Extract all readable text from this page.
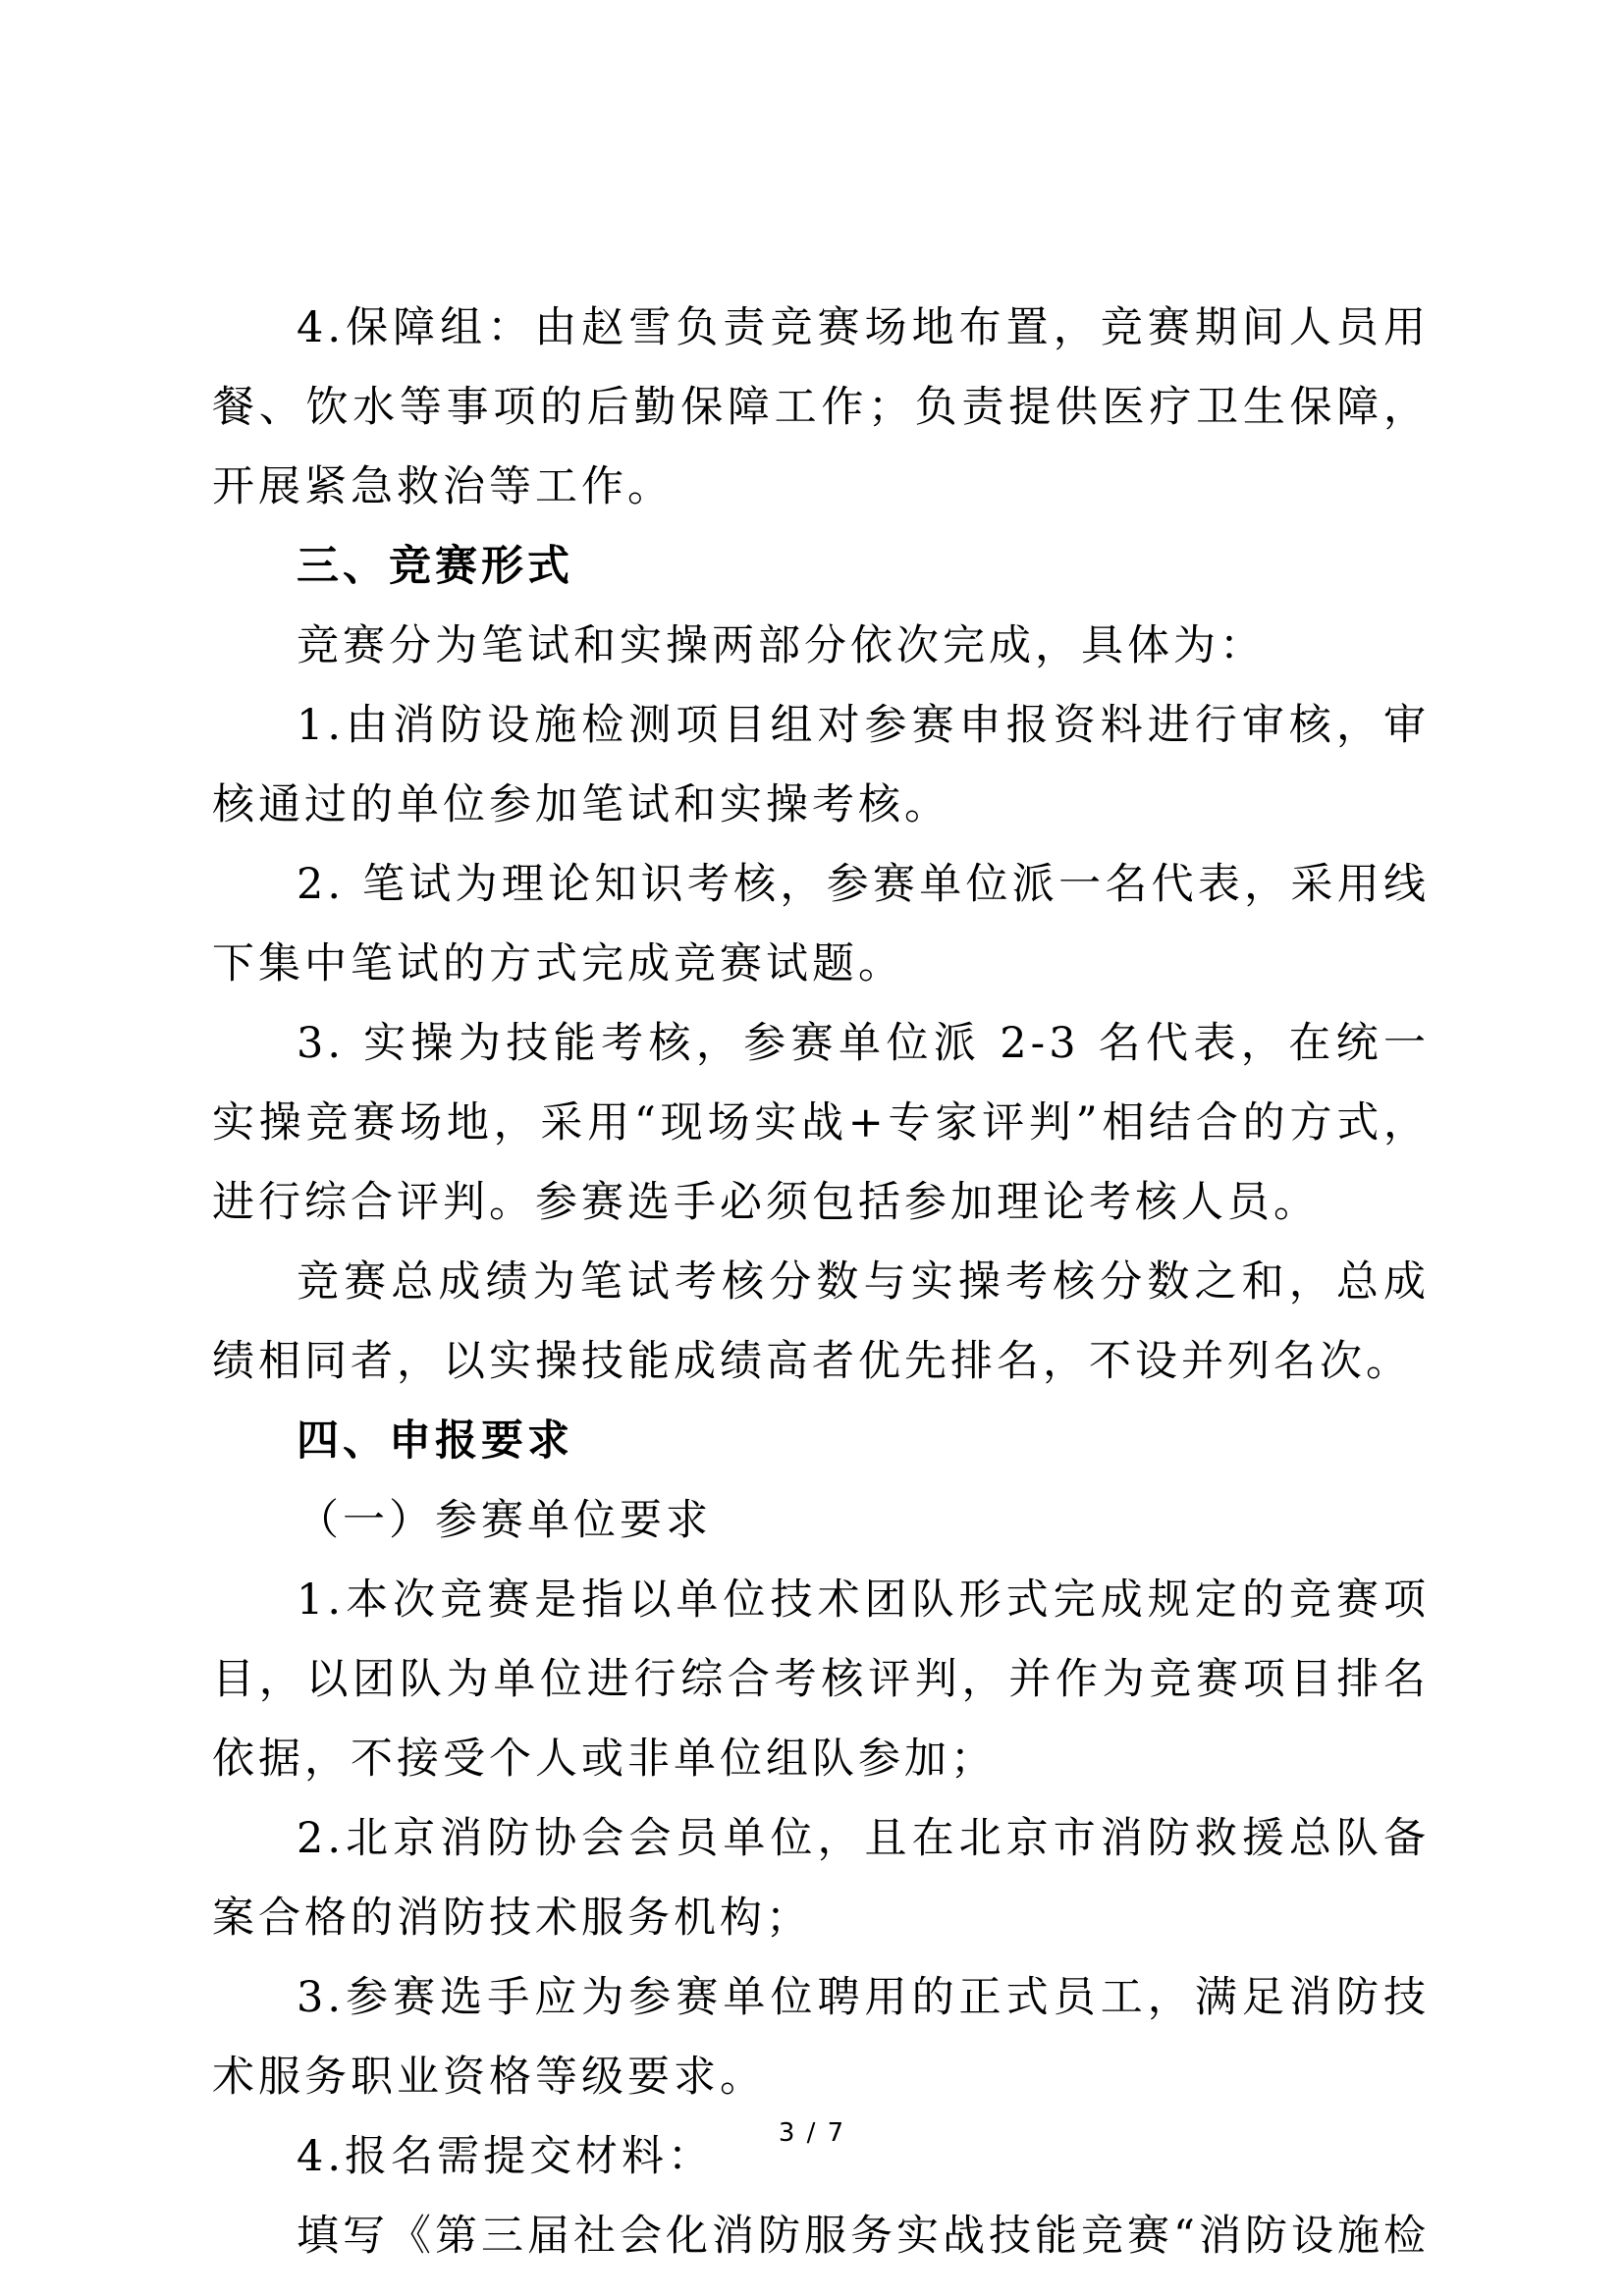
4.保障组：由赵雪负责竞赛场地布置，竞赛期间人员用餐、饮水等事项的后勤保障工作；负责提供医疗卫生保障，开展紧急救治等工作。

三、竞赛形式

竞赛分为笔试和实操两部分依次完成，具体为：

1.由消防设施检测项目组对参赛申报资料进行审核，审核通过的单位参加笔试和实操考核。

2. 笔试为理论知识考核，参赛单位派一名代表，采用线下集中笔试的方式完成竞赛试题。

3. 实操为技能考核，参赛单位派 2-3 名代表，在统一实操竞赛场地，采用“现场实战+专家评判”相结合的方式，进行综合评判。参赛选手必须包括参加理论考核人员。

竞赛总成绩为笔试考核分数与实操考核分数之和，总成绩相同者，以实操技能成绩高者优先排名，不设并列名次。

四、申报要求

（一）参赛单位要求

1.本次竞赛是指以单位技术团队形式完成规定的竞赛项目，以团队为单位进行综合考核评判，并作为竞赛项目排名依据，不接受个人或非单位组队参加；

2.北京消防协会会员单位，且在北京市消防救援总队备案合格的消防技术服务机构；

3.参赛选手应为参赛单位聘用的正式员工，满足消防技术服务职业资格等级要求。

4.报名需提交材料：

填写《第三届社会化消防服务实战技能竞赛“消防设施检

3 / 7
